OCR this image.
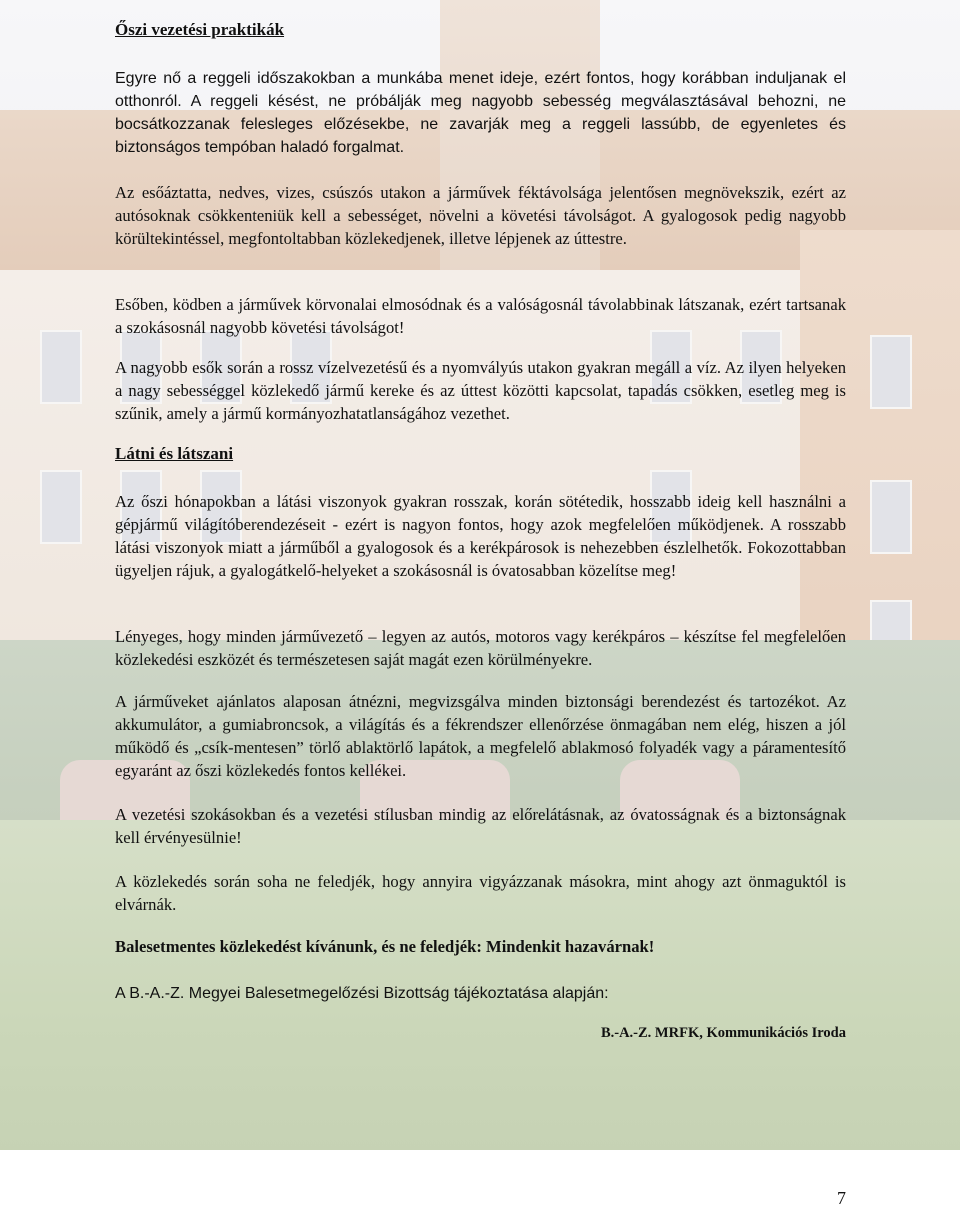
Őszi vezetési praktikák

Egyre nő a reggeli időszakokban a munkába menet ideje, ezért fontos, hogy korábban induljanak el otthonról. A reggeli késést, ne próbálják meg nagyobb sebesség megválasztásával behozni, ne bocsátkozzanak felesleges előzésekbe, ne zavarják meg a reggeli lassúbb, de egyenletes és biztonságos tempóban haladó forgalmat.

Az esőáztatta, nedves, vizes, csúszós utakon a járművek féktávolsága jelentősen megnövekszik, ezért az autósoknak csökkenteniük kell a sebességet, növelni a követési távolságot. A gyalogosok pedig nagyobb körültekintéssel, megfontoltabban közlekedjenek, illetve lépjenek az úttestre.

Esőben, ködben a járművek körvonalai elmosódnak és a valóságosnál távolabbinak látszanak, ezért tartsanak a szokásosnál nagyobb követési távolságot!

A nagyobb esők során a rossz vízelvezetésű és a nyomvályús utakon gyakran megáll a víz. Az ilyen helyeken a nagy sebességgel közlekedő jármű kereke és az úttest közötti kapcsolat, tapadás csökken, esetleg meg is szűnik, amely a jármű kormányozhatatlanságához vezethet.

Látni és látszani

Az őszi hónapokban a látási viszonyok gyakran rosszak, korán sötétedik, hosszabb ideig kell használni a gépjármű világítóberendezéseit - ezért is nagyon fontos, hogy azok megfelelően működjenek. A rosszabb látási viszonyok miatt a járműből a gyalogosok és a kerékpárosok is nehezebben észlelhetők. Fokozottabban ügyeljen rájuk, a gyalogátkelő-helyeket a szokásosnál is óvatosabban közelítse meg!

Lényeges, hogy minden járművezető – legyen az autós, motoros vagy kerékpáros – készítse fel megfelelően közlekedési eszközét és természetesen saját magát ezen körülményekre.

A járműveket ajánlatos alaposan átnézni, megvizsgálva minden biztonsági berendezést és tartozékot. Az akkumulátor, a gumiabroncsok, a világítás és a fékrendszer ellenőrzése önmagában nem elég, hiszen a jól működő és „csík-mentesen” törlő ablaktörlő lapátok, a megfelelő ablakmosó folyadék vagy a páramentesítő egyaránt az őszi közlekedés fontos kellékei.

A vezetési szokásokban és a vezetési stílusban mindig az előrelátásnak, az óvatosságnak és a biztonságnak kell érvényesülnie!

A közlekedés során soha ne feledjék, hogy annyira vigyázzanak másokra, mint ahogy azt önmaguktól is elvárnák.

Balesetmentes közlekedést kívánunk, és ne feledjék: Mindenkit hazavárnak!

A B.-A.-Z. Megyei Balesetmegelőzési Bizottság tájékoztatása alapján:

B.-A.-Z. MRFK, Kommunikációs Iroda
7
